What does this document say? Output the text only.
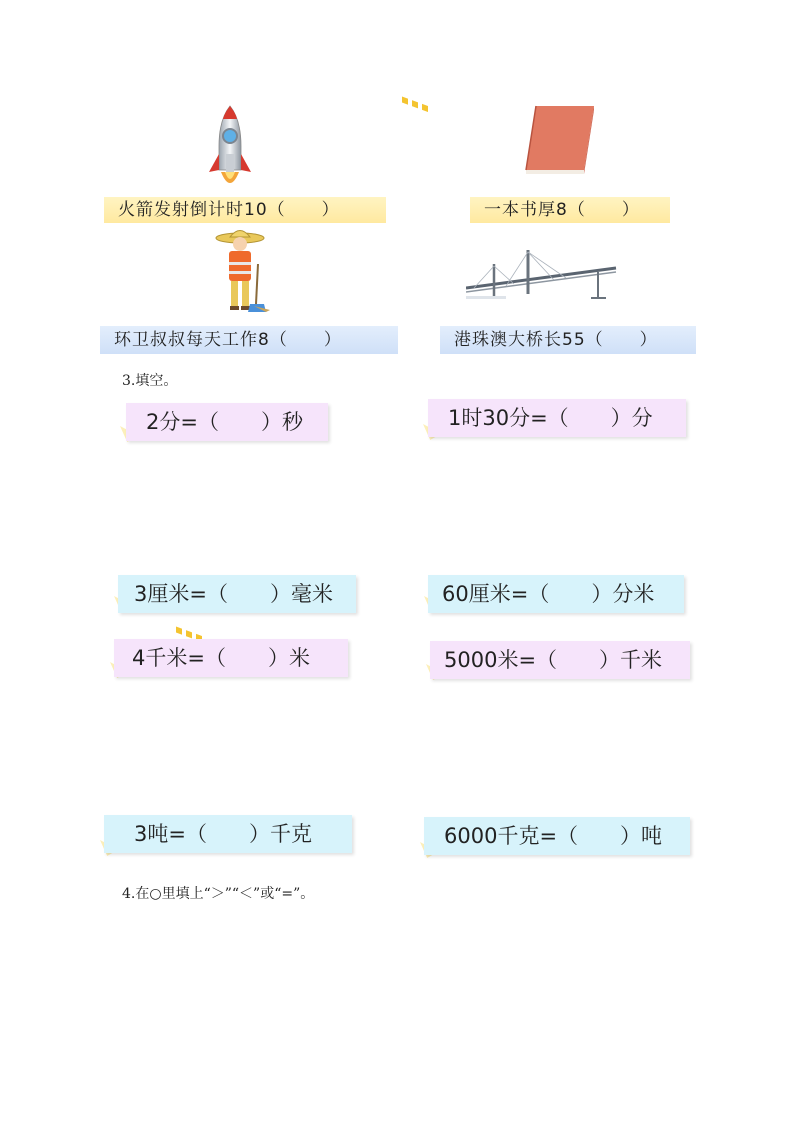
火箭发射倒计时10（　　）	一本书厚8（　　）
环卫叔叔每天工作8（　　）	港珠澳大桥长55（　　）
3.填空。
2分=（　　）秒	1时30分=（　　）分
3厘米=（　　）毫米	60厘米=（　　）分米
4千米=（　　）米	5000米=（　　）千米
3吨=（　　）千克	6000千克=（　　）吨
4.在○里填上“＞”“＜”或“=”。
